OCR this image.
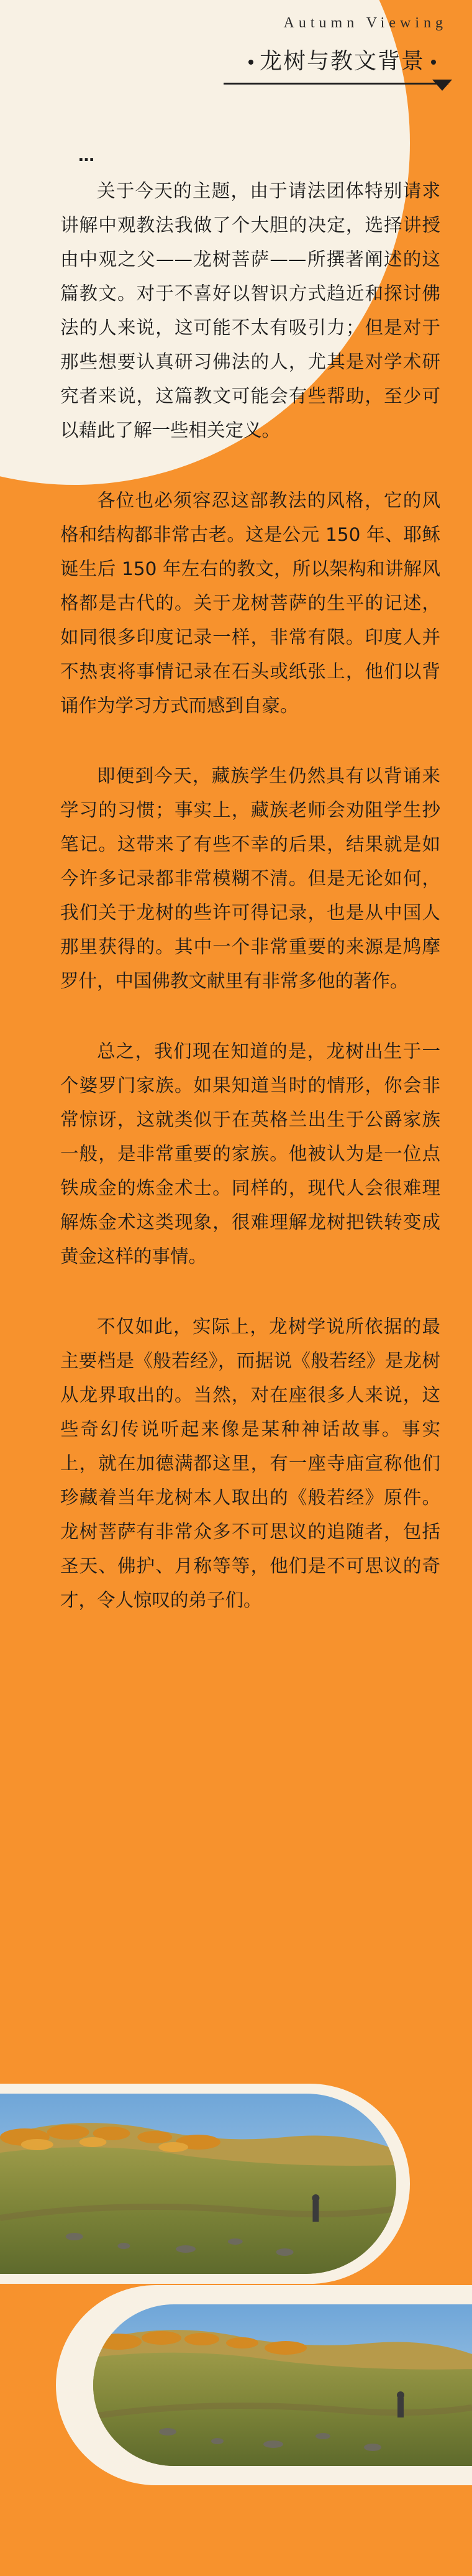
Autumn Viewing
龙树与教文背景
…

关于今天的主题，由于请法团体特别请求讲解中观教法我做了个大胆的决定，选择讲授由中观之父——龙树菩萨——所撰著阐述的这篇教文。对于不喜好以智识方式趋近和探讨佛法的人来说，这可能不太有吸引力；但是对于那些想要认真研习佛法的人，尤其是对学术研究者来说，这篇教文可能会有些帮助，至少可以藉此了解一些相关定义。

各位也必须容忍这部教法的风格，它的风格和结构都非常古老。这是公元 150 年、耶稣诞生后 150 年左右的教文，所以架构和讲解风格都是古代的。关于龙树菩萨的生平的记述，如同很多印度记录一样，非常有限。印度人并不热衷将事情记录在石头或纸张上，他们以背诵作为学习方式而感到自豪。

即便到今天，藏族学生仍然具有以背诵来学习的习惯；事实上，藏族老师会劝阻学生抄笔记。这带来了有些不幸的后果，结果就是如今许多记录都非常模糊不清。但是无论如何，我们关于龙树的些许可得记录，也是从中国人那里获得的。其中一个非常重要的来源是鸠摩罗什，中国佛教文献里有非常多他的著作。

总之，我们现在知道的是，龙树出生于一个婆罗门家族。如果知道当时的情形，你会非常惊讶，这就类似于在英格兰出生于公爵家族一般，是非常重要的家族。他被认为是一位点铁成金的炼金术士。同样的，现代人会很难理解炼金术这类现象，很难理解龙树把铁转变成黄金这样的事情。

不仅如此，实际上，龙树学说所依据的最主要档是《般若经》，而据说《般若经》是龙树从龙界取出的。当然，对在座很多人来说，这些奇幻传说听起来像是某种神话故事。事实上，就在加德满都这里，有一座寺庙宣称他们珍藏着当年龙树本人取出的《般若经》原件。龙树菩萨有非常众多不可思议的追随者，包括圣天、佛护、月称等等，他们是不可思议的奇才，令人惊叹的弟子们。
